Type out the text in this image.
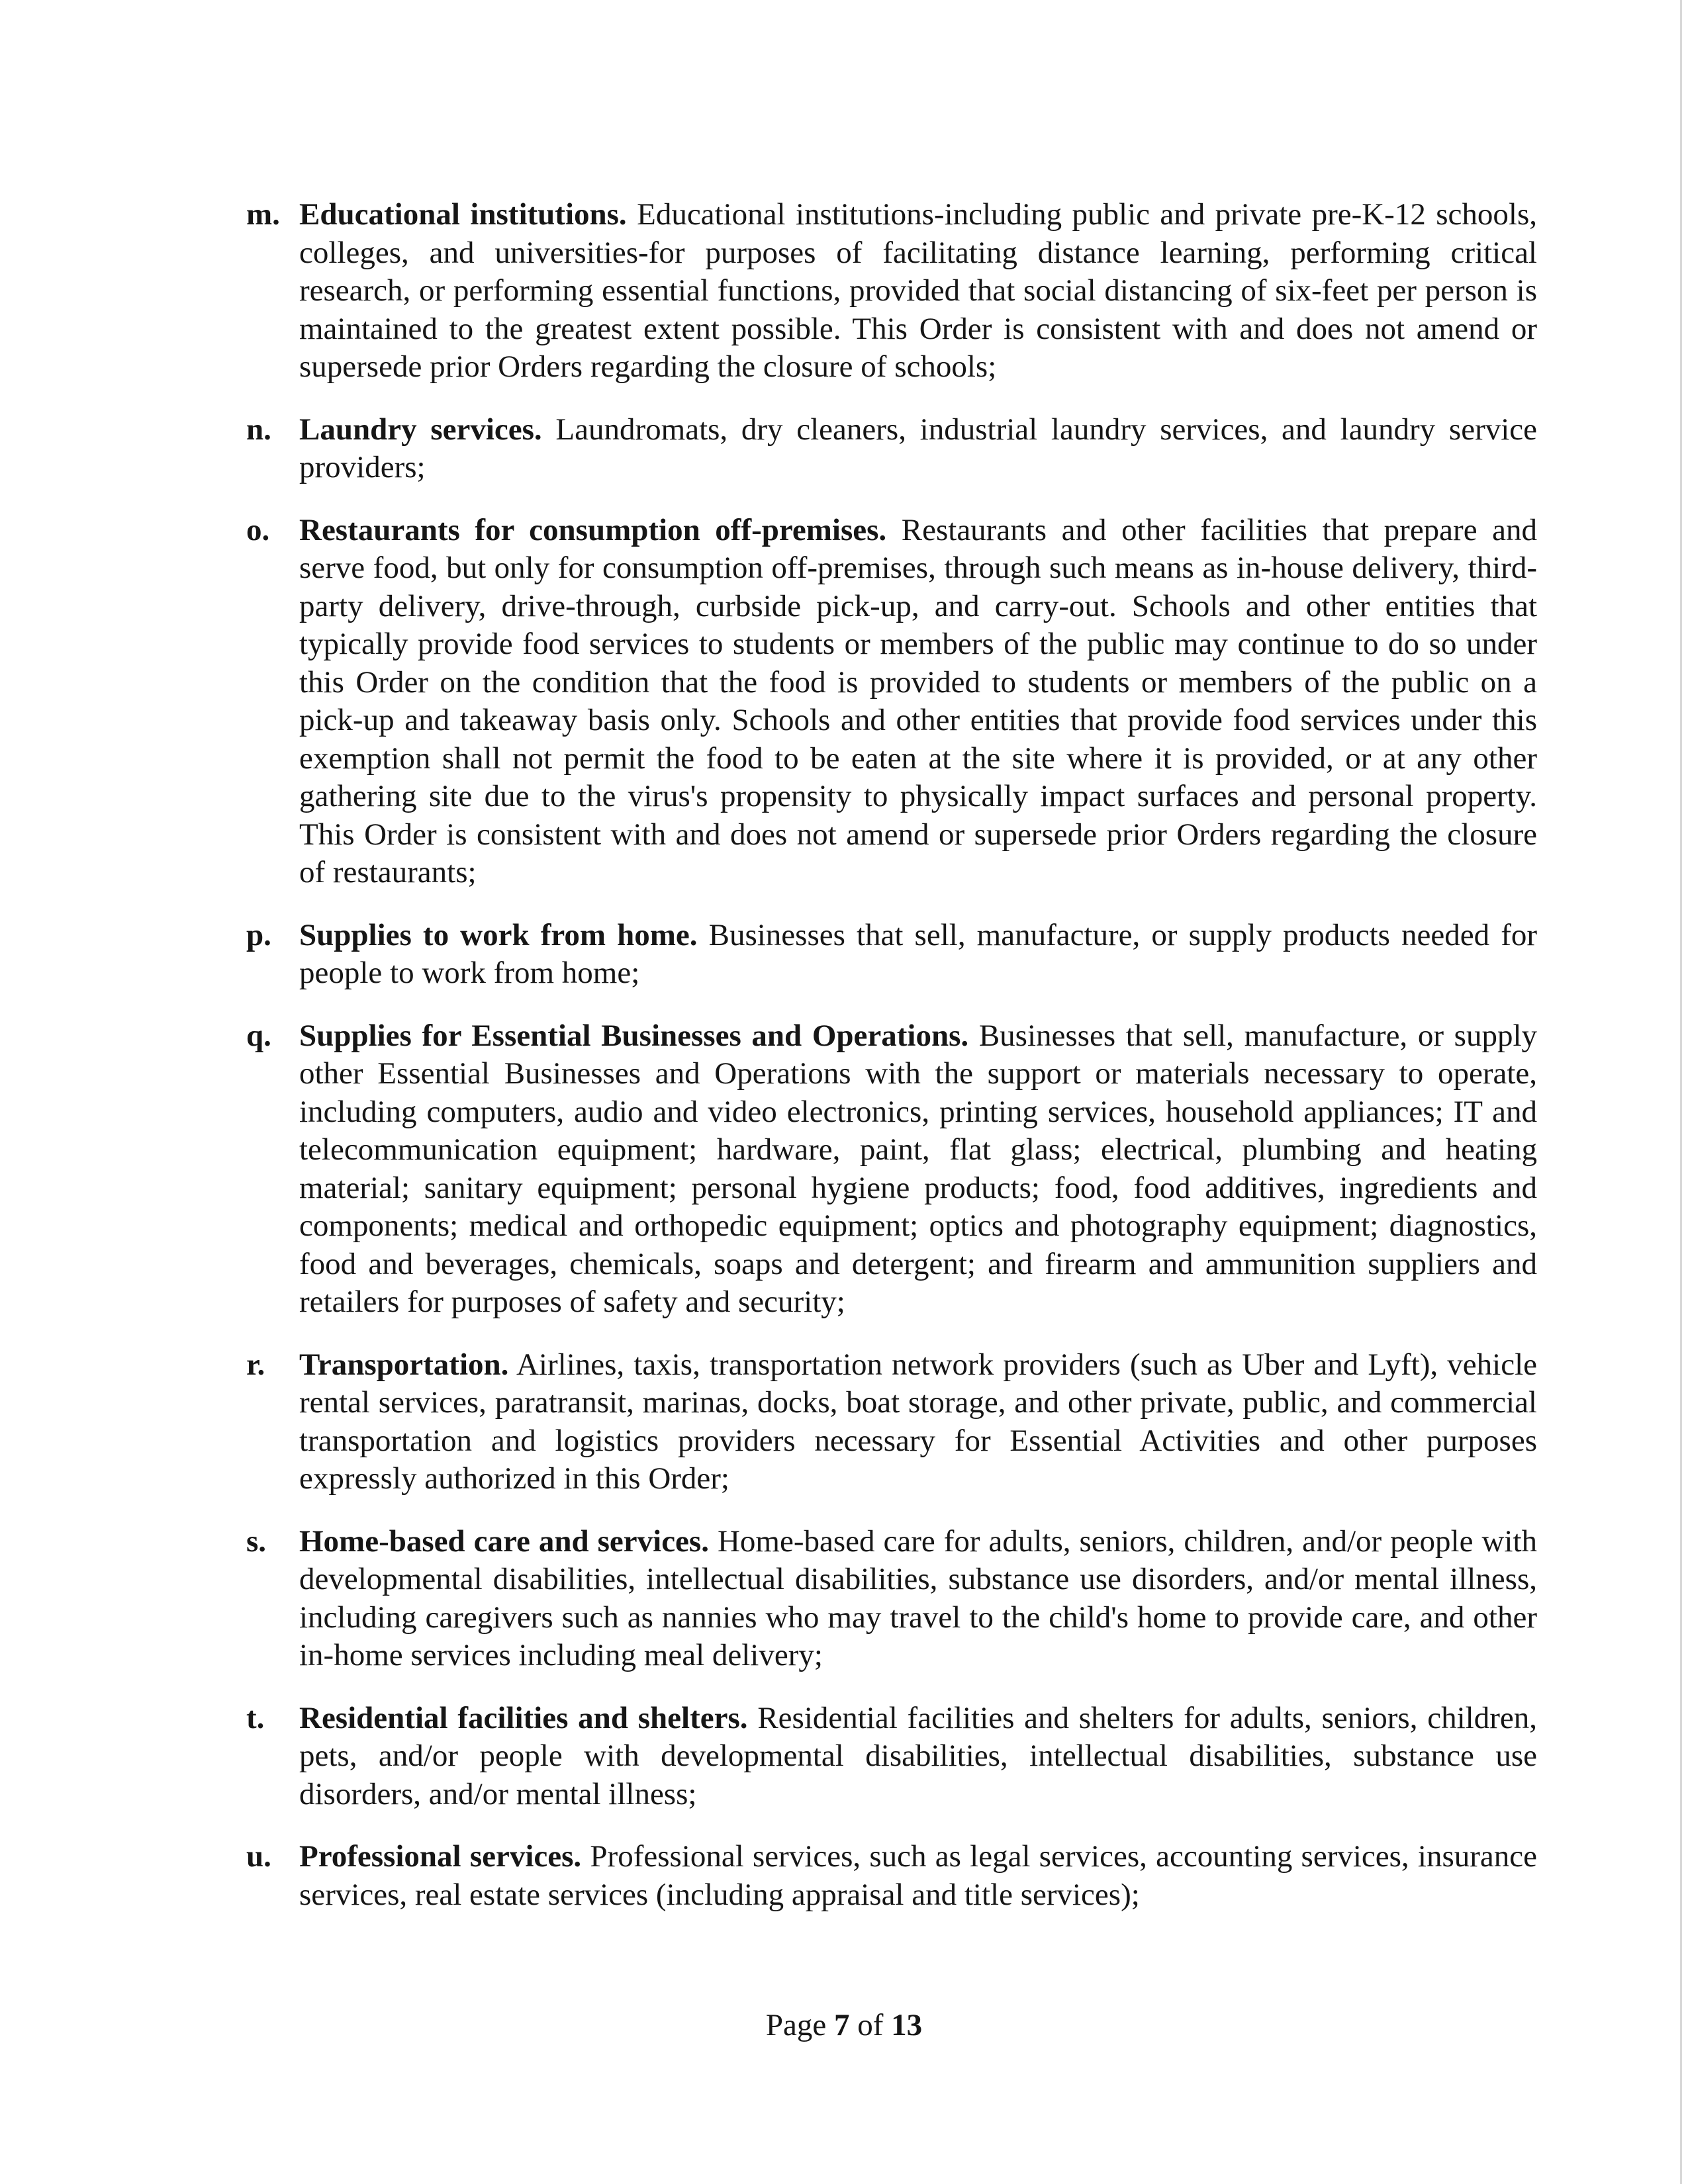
m. Educational institutions. Educational institutions-including public and private pre-K-12 schools, colleges, and universities-for purposes of facilitating distance learning, performing critical research, or performing essential functions, provided that social distancing of six-feet per person is maintained to the greatest extent possible. This Order is consistent with and does not amend or supersede prior Orders regarding the closure of schools;
n. Laundry services. Laundromats, dry cleaners, industrial laundry services, and laundry service providers;
o. Restaurants for consumption off-premises. Restaurants and other facilities that prepare and serve food, but only for consumption off-premises, through such means as in-house delivery, third-party delivery, drive-through, curbside pick-up, and carry-out. Schools and other entities that typically provide food services to students or members of the public may continue to do so under this Order on the condition that the food is provided to students or members of the public on a pick-up and takeaway basis only. Schools and other entities that provide food services under this exemption shall not permit the food to be eaten at the site where it is provided, or at any other gathering site due to the virus's propensity to physically impact surfaces and personal property. This Order is consistent with and does not amend or supersede prior Orders regarding the closure of restaurants;
p. Supplies to work from home. Businesses that sell, manufacture, or supply products needed for people to work from home;
q. Supplies for Essential Businesses and Operations. Businesses that sell, manufacture, or supply other Essential Businesses and Operations with the support or materials necessary to operate, including computers, audio and video electronics, printing services, household appliances; IT and telecommunication equipment; hardware, paint, flat glass; electrical, plumbing and heating material; sanitary equipment; personal hygiene products; food, food additives, ingredients and components; medical and orthopedic equipment; optics and photography equipment; diagnostics, food and beverages, chemicals, soaps and detergent; and firearm and ammunition suppliers and retailers for purposes of safety and security;
r.	Transportation. Airlines, taxis, transportation network providers (such as Uber and Lyft), vehicle rental services, paratransit, marinas, docks, boat storage, and other private, public, and commercial transportation and logistics providers necessary for Essential Activities and other purposes expressly authorized in this Order;
s.	Home-based care and services. Home-based care for adults, seniors, children, and/or people with developmental disabilities, intellectual disabilities, substance use disorders, and/or mental illness, including caregivers such as nannies who may travel to the child's home to provide care, and other in-home services including meal delivery;
t.	Residential facilities and shelters. Residential facilities and shelters for adults, seniors, children, pets, and/or people with developmental disabilities, intellectual disabilities, substance use disorders, and/or mental illness;
u. Professional services. Professional services, such as legal services, accounting services, insurance services, real estate services (including appraisal and title services);
Page 7 of 13
